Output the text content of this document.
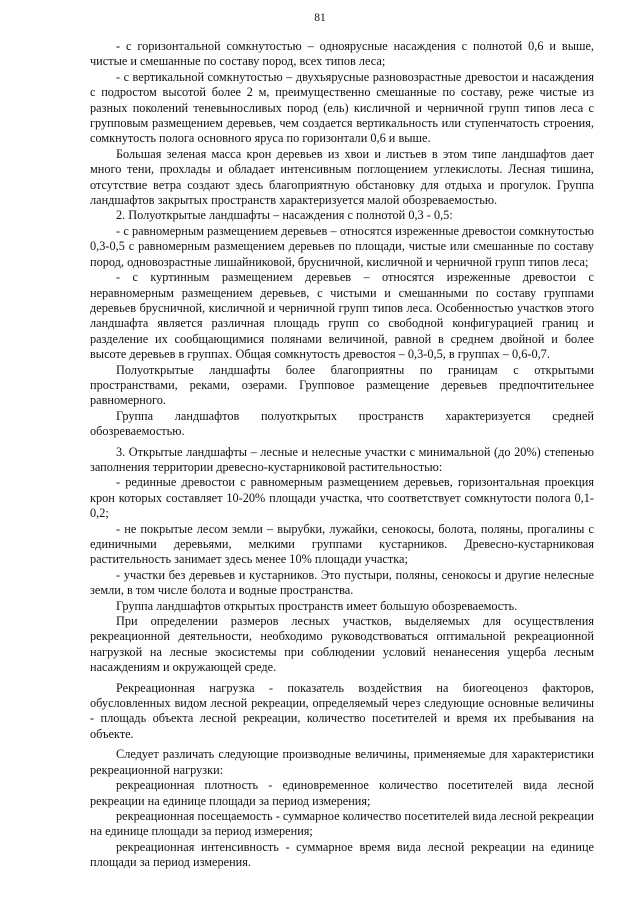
81

- с горизонтальной сомкнутостью – одноярусные насаждения с полнотой 0,6 и выше, чистые и смешанные по составу пород, всех типов леса;

- с вертикальной сомкнутостью – двухъярусные разновозрастные древостои и насаждения с подростом высотой более 2 м, преимущественно смешанные по составу, реже чистые из разных поколений теневыносливых пород (ель) кисличной и черничной групп типов леса с групповым размещением деревьев, чем создается вертикальность или ступенчатость строения, сомкнутость полога основного яруса по горизонтали 0,6 и выше.

Большая зеленая масса крон деревьев из хвои и листьев в этом типе ландшафтов дает много тени, прохлады и обладает интенсивным поглощением углекислоты. Лесная тишина, отсутствие ветра создают здесь благоприятную обстановку для отдыха и прогулок. Группа ландшафтов закрытых пространств характеризуется малой обозреваемостью.

2. Полуоткрытые ландшафты – насаждения с полнотой 0,3 - 0,5:

- с равномерным размещением деревьев – относятся изреженные древостои сомкнутостью 0,3-0,5 с равномерным размещением деревьев по площади, чистые или смешанные по составу пород, одновозрастные лишайниковой, брусничной, кисличной и черничной групп типов леса;

- с куртинным размещением деревьев – относятся изреженные древостои с неравномерным размещением деревьев, с чистыми и смешанными по составу группами деревьев брусничной, кисличной и черничной групп типов леса. Особенностью участков этого ландшафта является различная площадь групп со свободной конфигурацией границ и разделение их сообщающимися полянами величиной, равной в среднем двойной и более высоте деревьев в группах. Общая сомкнутость древостоя – 0,3-0,5, в группах – 0,6-0,7.

Полуоткрытые ландшафты более благоприятны по границам с открытыми пространствами, реками, озерами. Групповое размещение деревьев предпочтительнее равномерного.

Группа ландшафтов полуоткрытых пространств характеризуется средней обозреваемостью.

3. Открытые ландшафты – лесные и нелесные участки с минимальной (до 20%) степенью заполнения территории древесно-кустарниковой растительностью:

- рединные древостои с равномерным размещением деревьев, горизонтальная проекция крон которых составляет 10-20% площади участка, что соответствует сомкнутости полога 0,1-0,2;

- не покрытые лесом земли – вырубки, лужайки, сенокосы, болота, поляны, прогалины с единичными деревьями, мелкими группами кустарников. Древесно-кустарниковая растительность занимает здесь менее 10% площади участка;

- участки без деревьев и кустарников. Это пустыри, поляны, сенокосы и другие нелесные земли, в том числе болота и водные пространства.

Группа ландшафтов открытых пространств имеет большую обозреваемость.

При определении размеров лесных участков, выделяемых для осуществления рекреационной деятельности, необходимо руководствоваться оптимальной рекреационной нагрузкой на лесные экосистемы при соблюдении условий ненанесения ущерба лесным насаждениям и окружающей среде.

Рекреационная нагрузка - показатель воздействия на биогеоценоз факторов, обусловленных видом лесной рекреации, определяемый через следующие основные величины - площадь объекта лесной рекреации, количество посетителей и время их пребывания на объекте.

Следует различать следующие производные величины, применяемые для характеристики рекреационной нагрузки:

рекреационная плотность - единовременное количество посетителей вида лесной рекреации на единице площади за период измерения;

рекреационная посещаемость - суммарное количество посетителей вида лесной рекреации на единице площади за период измерения;

рекреационная интенсивность - суммарное время вида лесной рекреации на единице площади за период измерения.
